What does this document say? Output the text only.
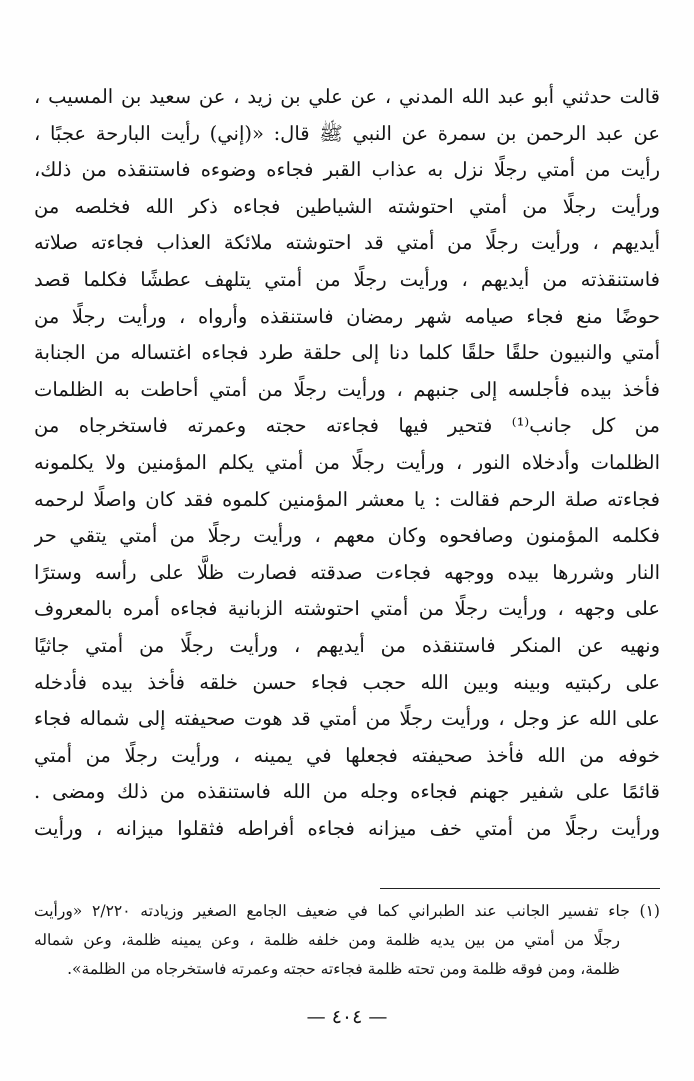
قالت حدثني أبو عبد الله المدني ، عن علي بن زيد ، عن سعيد بن المسيب ،
عن عبد الرحمن بن سمرة عن النبي ﷺ قال: «(إني) رأيت البارحة عجبًا ،
رأيت من أمتي رجلًا نزل به عذاب القبر فجاءه وضوءه فاستنقذه من ذلك،
ورأيت رجلًا من أمتي احتوشته الشياطين فجاءه ذكر الله فخلصه من
أيديهم ، ورأيت رجلًا من أمتي قد احتوشته ملائكة العذاب فجاءته صلاته
فاستنقذته من أيديهم ، ورأيت رجلًا من أمتي يتلهف عطشًا فكلما قصد
حوضًا منع فجاء صيامه شهر رمضان فاستنقذه وأرواه ، ورأيت رجلًا من
أمتي والنبيون حلقًا حلقًا كلما دنا إلى حلقة طرد فجاءه اغتساله من الجنابة
فأخذ بيده فأجلسه إلى جنبهم ، ورأيت رجلًا من أمتي أحاطت به الظلمات
من كل جانب⁽¹⁾ فتحير فيها فجاءته حجته وعمرته فاستخرجاه من
الظلمات وأدخلاه النور ، ورأيت رجلًا من أمتي يكلم المؤمنين ولا يكلمونه
فجاءته صلة الرحم فقالت : يا معشر المؤمنين كلموه فقد كان واصلًا لرحمه
فكلمه المؤمنون وصافحوه وكان معهم ، ورأيت رجلًا من أمتي يتقي حر
النار وشررها بيده ووجهه فجاءت صدقته فصارت ظلًّا على رأسه وسترًا
على وجهه ، ورأيت رجلًا من أمتي احتوشته الزبانية فجاءه أمره بالمعروف
ونهيه عن المنكر فاستنقذه من أيديهم ، ورأيت رجلًا من أمتي جاثيًا
على ركبتيه وبينه وبين الله حجب فجاء حسن خلقه فأخذ بيده فأدخله
على الله عز وجل ، ورأيت رجلًا من أمتي قد هوت صحيفته إلى شماله فجاء
خوفه من الله فأخذ صحيفته فجعلها في يمينه ، ورأيت رجلًا من أمتي
قائمًا على شفير جهنم فجاءه وجله من الله فاستنقذه من ذلك ومضى .
ورأيت رجلًا من أمتي خف ميزانه فجاءه أفراطه فثقلوا ميزانه ، ورأيت
(١) جاء تفسير الجانب عند الطبراني كما في ضعيف الجامع الصغير وزيادته ٢/٢٢٠ «ورأيت
رجلًا من أمتي من بين يديه ظلمة ومن خلفه ظلمة ، وعن يمينه ظلمة، وعن شماله
ظلمة، ومن فوقه ظلمة ومن تحته ظلمة فجاءته حجته وعمرته فاستخرجاه من الظلمة».
— ٤٠٤ —
